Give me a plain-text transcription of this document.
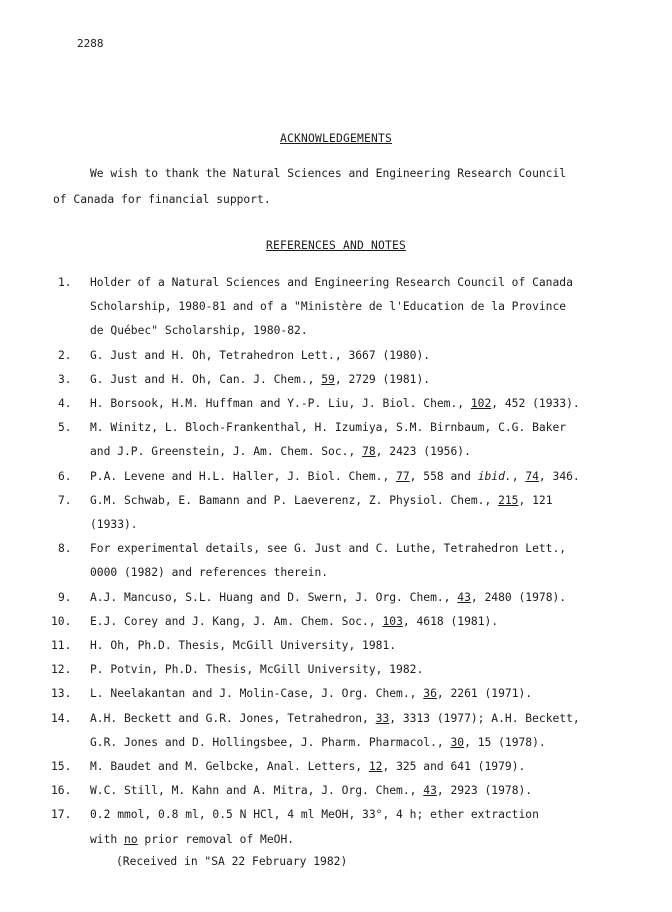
2288
ACKNOWLEDGEMENTS
We wish to thank the Natural Sciences and Engineering Research Council
of Canada for financial support.
REFERENCES AND NOTES
1.	Holder of a Natural Sciences and Engineering Research Council of Canada
Scholarship, 1980-81 and of a "Ministère de l'Education de la Province
de Québec" Scholarship, 1980-82.
2.	G. Just and H. Oh, Tetrahedron Lett., 3667 (1980).
3.	G. Just and H. Oh, Can. J. Chem., 59, 2729 (1981).
4.	H. Borsook, H.M. Huffman and Y.-P. Liu, J. Biol. Chem., 102, 452 (1933).
5.	M. Winitz, L. Bloch-Frankenthal, H. Izumiya, S.M. Birnbaum, C.G. Baker
and J.P. Greenstein, J. Am. Chem. Soc., 78, 2423 (1956).
6.	P.A. Levene and H.L. Haller, J. Biol. Chem., 77, 558 and ibid., 74, 346.
7.	G.M. Schwab, E. Bamann and P. Laeverenz, Z. Physiol. Chem., 215, 121
(1933).
8.	For experimental details, see G. Just and C. Luthe, Tetrahedron Lett.,
0000 (1982) and references therein.
9.	A.J. Mancuso, S.L. Huang and D. Swern, J. Org. Chem., 43, 2480 (1978).
10. E.J. Corey and J. Kang, J. Am. Chem. Soc., 103, 4618 (1981).
11. H. Oh, Ph.D. Thesis, McGill University, 1981.
12. P. Potvin, Ph.D. Thesis, McGill University, 1982.
13. L. Neelakantan and J. Molin-Case, J. Org. Chem., 36, 2261 (1971).
14. A.H. Beckett and G.R. Jones, Tetrahedron, 33, 3313 (1977); A.H. Beckett,
G.R. Jones and D. Hollingsbee, J. Pharm. Pharmacol., 30, 15 (1978).
15. M. Baudet and M. Gelbcke, Anal. Letters, 12, 325 and 641 (1979).
16. W.C. Still, M. Kahn and A. Mitra, J. Org. Chem., 43, 2923 (1978).
17. 0.2 mmol, 0.8 ml, 0.5 N HCl, 4 ml MeOH, 33°, 4 h; ether extraction
with no prior removal of MeOH.
(Received in "SA 22 February 1982)
